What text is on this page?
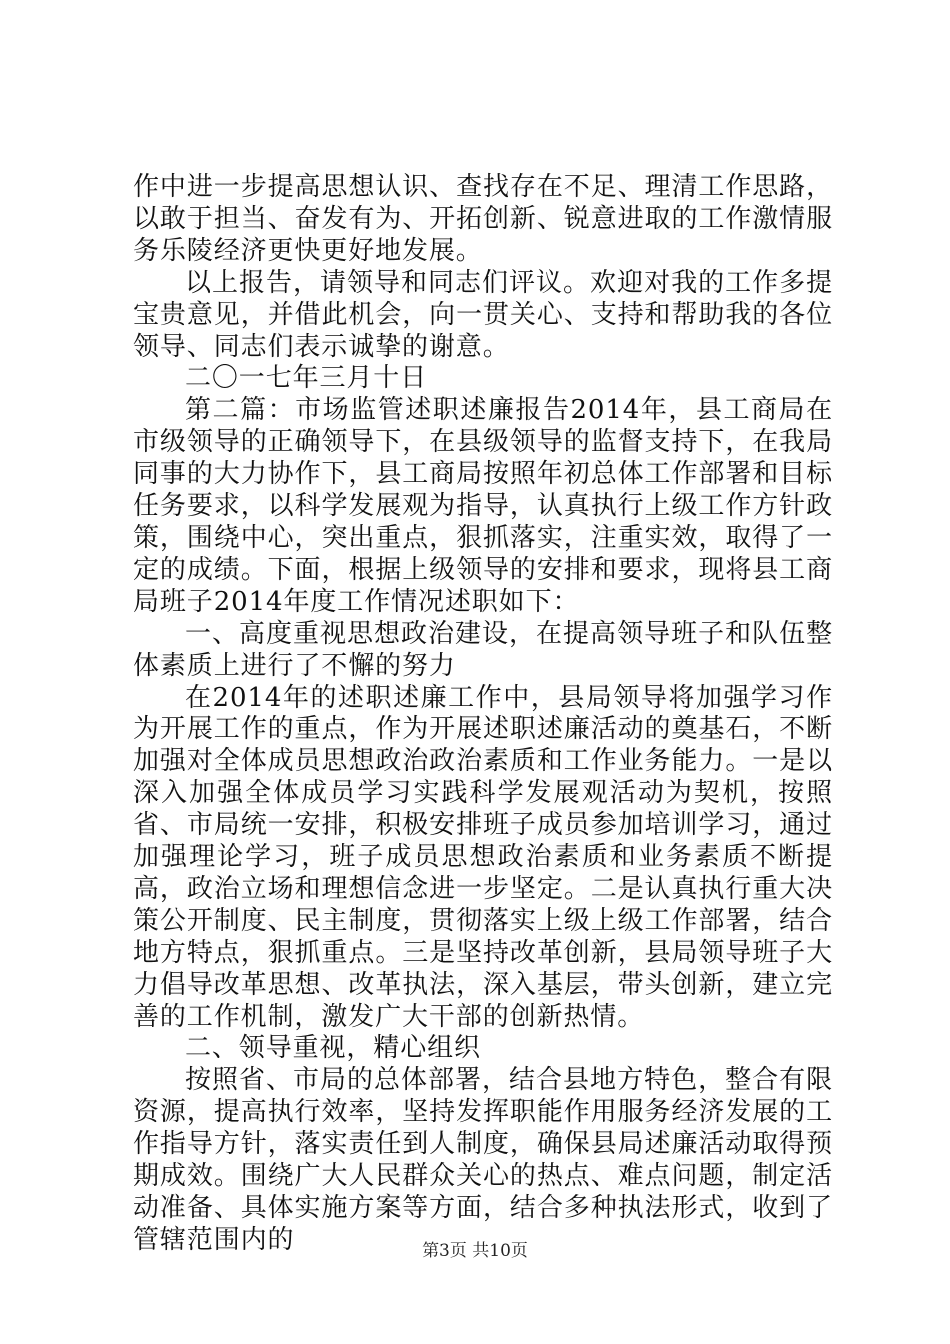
作中进一步提高思想认识、查找存在不足、理清工作思路，以敢于担当、奋发有为、开拓创新、锐意进取的工作激情服务乐陵经济更快更好地发展。

以上报告，请领导和同志们评议。欢迎对我的工作多提宝贵意见，并借此机会，向一贯关心、支持和帮助我的各位领导、同志们表示诚挚的谢意。

二〇一七年三月十日

第二篇：市场监管述职述廉报告2014年，县工商局在市级领导的正确领导下，在县级领导的监督支持下，在我局同事的大力协作下，县工商局按照年初总体工作部署和目标任务要求，以科学发展观为指导，认真执行上级工作方针政策，围绕中心，突出重点，狠抓落实，注重实效，取得了一定的成绩。下面，根据上级领导的安排和要求，现将县工商局班子2014年度工作情况述职如下：

一、高度重视思想政治建设，在提高领导班子和队伍整体素质上进行了不懈的努力

在2014年的述职述廉工作中，县局领导将加强学习作为开展工作的重点，作为开展述职述廉活动的奠基石，不断加强对全体成员思想政治政治素质和工作业务能力。一是以深入加强全体成员学习实践科学发展观活动为契机，按照省、市局统一安排，积极安排班子成员参加培训学习，通过加强理论学习，班子成员思想政治素质和业务素质不断提高，政治立场和理想信念进一步坚定。二是认真执行重大决策公开制度、民主制度，贯彻落实上级上级工作部署，结合地方特点，狠抓重点。三是坚持改革创新，县局领导班子大力倡导改革思想、改革执法，深入基层，带头创新，建立完善的工作机制，激发广大干部的创新热情。

二、领导重视，精心组织

按照省、市局的总体部署，结合县地方特色，整合有限资源，提高执行效率，坚持发挥职能作用服务经济发展的工作指导方针，落实责任到人制度，确保县局述廉活动取得预期成效。围绕广大人民群众关心的热点、难点问题，制定活动准备、具体实施方案等方面，结合多种执法形式，收到了管辖范围内的	第3页 共10页
